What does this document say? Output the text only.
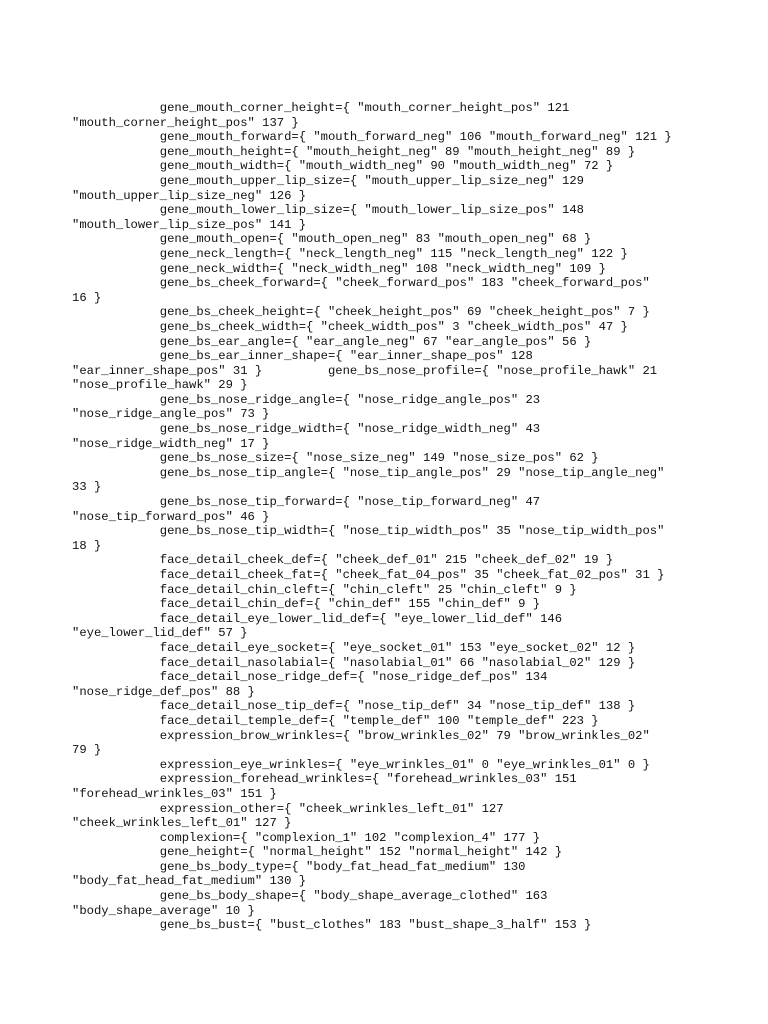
gene_mouth_corner_height={ "mouth_corner_height_pos" 121
"mouth_corner_height_pos" 137 }
gene_mouth_forward={ "mouth_forward_neg" 106 "mouth_forward_neg" 121 }
gene_mouth_height={ "mouth_height_neg" 89 "mouth_height_neg" 89 }
gene_mouth_width={ "mouth_width_neg" 90 "mouth_width_neg" 72 }
gene_mouth_upper_lip_size={ "mouth_upper_lip_size_neg" 129
"mouth_upper_lip_size_neg" 126 }
gene_mouth_lower_lip_size={ "mouth_lower_lip_size_pos" 148
"mouth_lower_lip_size_pos" 141 }
gene_mouth_open={ "mouth_open_neg" 83 "mouth_open_neg" 68 }
gene_neck_length={ "neck_length_neg" 115 "neck_length_neg" 122 }
gene_neck_width={ "neck_width_neg" 108 "neck_width_neg" 109 }
gene_bs_cheek_forward={ "cheek_forward_pos" 183 "cheek_forward_pos"
16 }
gene_bs_cheek_height={ "cheek_height_pos" 69 "cheek_height_pos" 7 }
gene_bs_cheek_width={ "cheek_width_pos" 3 "cheek_width_pos" 47 }
gene_bs_ear_angle={ "ear_angle_neg" 67 "ear_angle_pos" 56 }
gene_bs_ear_inner_shape={ "ear_inner_shape_pos" 128
"ear_inner_shape_pos" 31 }         gene_bs_nose_profile={ "nose_profile_hawk" 21
"nose_profile_hawk" 29 }
gene_bs_nose_ridge_angle={ "nose_ridge_angle_pos" 23
"nose_ridge_angle_pos" 73 }
gene_bs_nose_ridge_width={ "nose_ridge_width_neg" 43
"nose_ridge_width_neg" 17 }
gene_bs_nose_size={ "nose_size_neg" 149 "nose_size_pos" 62 }
gene_bs_nose_tip_angle={ "nose_tip_angle_pos" 29 "nose_tip_angle_neg"
33 }
gene_bs_nose_tip_forward={ "nose_tip_forward_neg" 47
"nose_tip_forward_pos" 46 }
gene_bs_nose_tip_width={ "nose_tip_width_pos" 35 "nose_tip_width_pos"
18 }
face_detail_cheek_def={ "cheek_def_01" 215 "cheek_def_02" 19 }
face_detail_cheek_fat={ "cheek_fat_04_pos" 35 "cheek_fat_02_pos" 31 }
face_detail_chin_cleft={ "chin_cleft" 25 "chin_cleft" 9 }
face_detail_chin_def={ "chin_def" 155 "chin_def" 9 }
face_detail_eye_lower_lid_def={ "eye_lower_lid_def" 146
"eye_lower_lid_def" 57 }
face_detail_eye_socket={ "eye_socket_01" 153 "eye_socket_02" 12 }
face_detail_nasolabial={ "nasolabial_01" 66 "nasolabial_02" 129 }
face_detail_nose_ridge_def={ "nose_ridge_def_pos" 134
"nose_ridge_def_pos" 88 }
face_detail_nose_tip_def={ "nose_tip_def" 34 "nose_tip_def" 138 }
face_detail_temple_def={ "temple_def" 100 "temple_def" 223 }
expression_brow_wrinkles={ "brow_wrinkles_02" 79 "brow_wrinkles_02"
79 }
expression_eye_wrinkles={ "eye_wrinkles_01" 0 "eye_wrinkles_01" 0 }
expression_forehead_wrinkles={ "forehead_wrinkles_03" 151
"forehead_wrinkles_03" 151 }
expression_other={ "cheek_wrinkles_left_01" 127
"cheek_wrinkles_left_01" 127 }
complexion={ "complexion_1" 102 "complexion_4" 177 }
gene_height={ "normal_height" 152 "normal_height" 142 }
gene_bs_body_type={ "body_fat_head_fat_medium" 130
"body_fat_head_fat_medium" 130 }
gene_bs_body_shape={ "body_shape_average_clothed" 163
"body_shape_average" 10 }
gene_bs_bust={ "bust_clothes" 183 "bust_shape_3_half" 153 }
